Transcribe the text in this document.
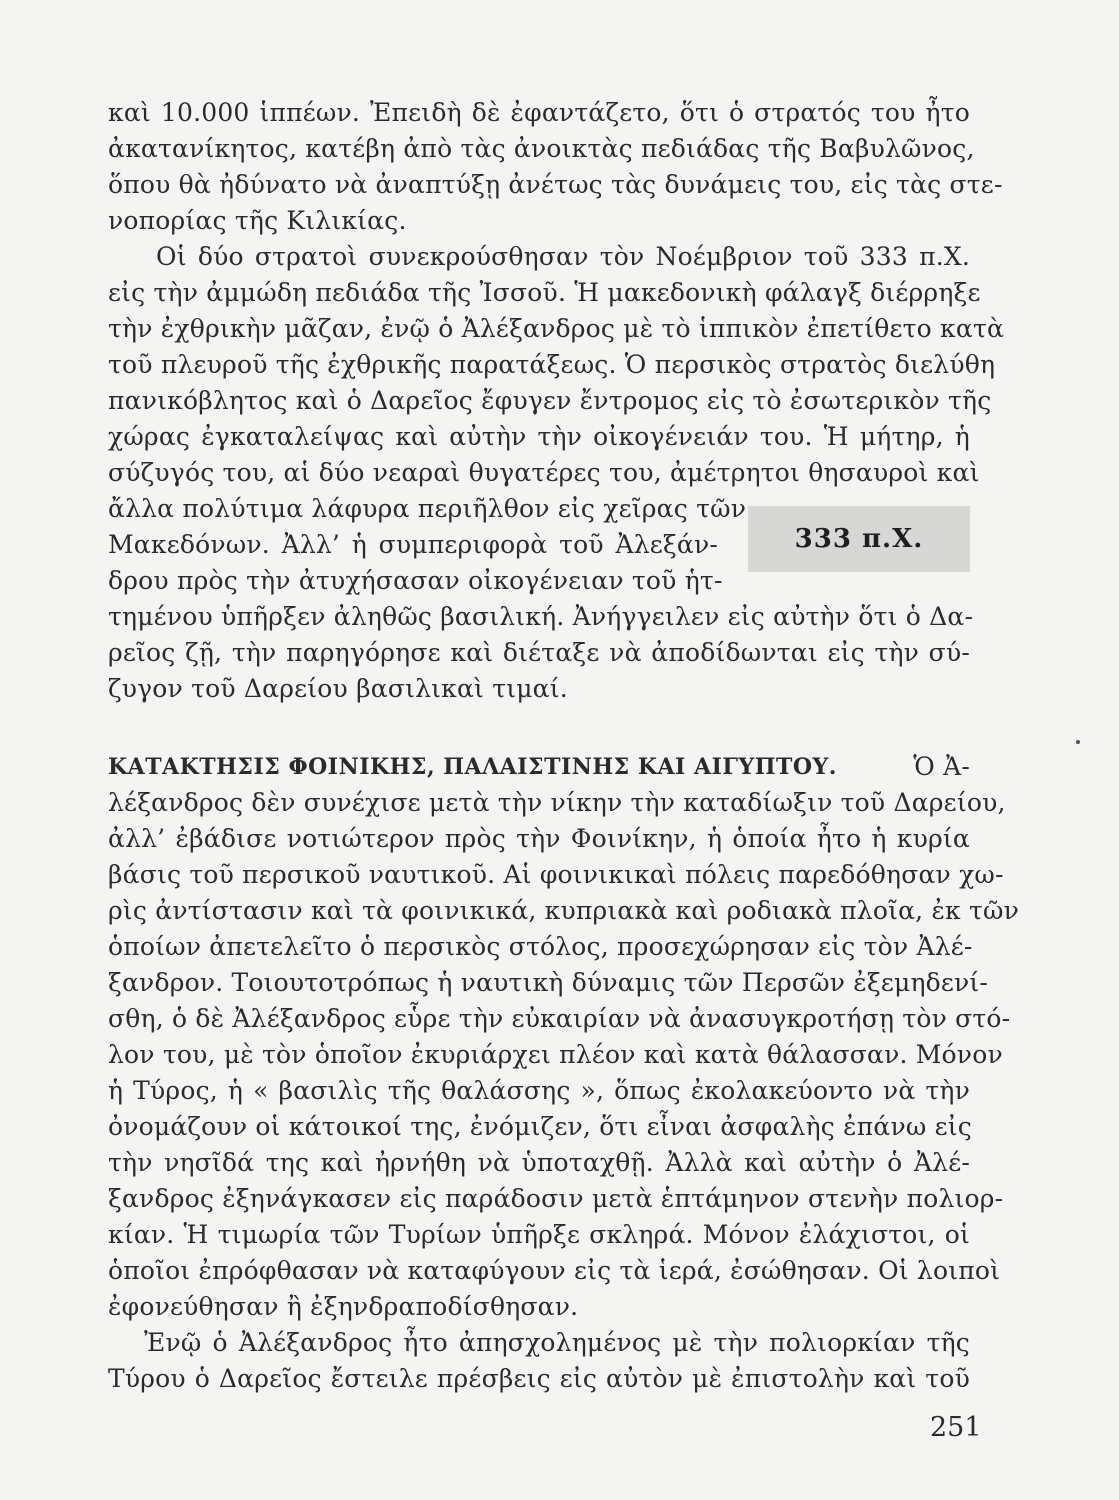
καὶ 10.000 ἱππέων. Ἐπειδὴ δὲ ἐφαντάζετο, ὅτι ὁ στρατός του ἦτο
ἀκατανίκητος, κατέβη ἀπὸ τὰς ἀνοικτὰς πεδιάδας τῆς Βαβυλῶνος,
ὅπου θὰ ἠδύνατο νὰ ἀναπτύξῃ ἀνέτως τὰς δυνάμεις του, εἰς τὰς στε-
νοπορίας τῆς Κιλικίας.
Οἱ δύο στρατοὶ συνεκρούσθησαν τὸν Νοέμβριον τοῦ 333 π.Χ.
εἰς τὴν ἀμμώδη πεδιάδα τῆς Ἰσσοῦ. Ἡ μακεδονικὴ φάλαγξ διέρρηξε
τὴν ἐχθρικὴν μᾶζαν, ἐνῷ ὁ Ἀλέξανδρος μὲ τὸ ἱππικὸν ἐπετίθετο κατὰ
τοῦ πλευροῦ τῆς ἐχθρικῆς παρατάξεως. Ὁ περσικὸς στρατὸς διελύθη
πανικόβλητος καὶ ὁ Δαρεῖος ἔφυγεν ἔντρομος εἰς τὸ ἐσωτερικὸν τῆς
χώρας ἐγκαταλείψας καὶ αὐτὴν τὴν οἰκογένειάν του. Ἡ μήτηρ, ἡ
σύζυγός του, αἱ δύο νεαραὶ θυγατέρες του, ἀμέτρητοι θησαυροὶ καὶ
ἄλλα πολύτιμα λάφυρα περιῆλθον εἰς χεῖρας τῶν
Μακεδόνων. Ἀλλ’ ἡ συμπεριφορὰ τοῦ Ἀλεξάν-
δρου πρὸς τὴν ἀτυχήσασαν οἰκογένειαν τοῦ ἡτ-
τημένου ὑπῆρξεν ἀληθῶς βασιλική. Ἀνήγγειλεν εἰς αὐτὴν ὅτι ὁ Δα-
ρεῖος ζῇ, τὴν παρηγόρησε καὶ διέταξε νὰ ἀποδίδωνται εἰς τὴν σύ-
ζυγον τοῦ Δαρείου βασιλικαὶ τιμαί.
333 π.Χ.
ΚΑΤΑΚΤΗΣΙΣ ΦΟΙΝΙΚΗΣ, ΠΑΛΑΙΣΤΙΝΗΣ ΚΑΙ ΑΙΓΥΠΤΟΥ.	Ὁ Ἀ-
λέξανδρος δὲν συνέχισε μετὰ τὴν νίκην τὴν καταδίωξιν τοῦ Δαρείου,
ἀλλ’ ἐβάδισε νοτιώτερον πρὸς τὴν Φοινίκην, ἡ ὁποία ἦτο ἡ κυρία
βάσις τοῦ περσικοῦ ναυτικοῦ. Αἱ φοινικικαὶ πόλεις παρεδόθησαν χω-
ρὶς ἀντίστασιν καὶ τὰ φοινικικά, κυπριακὰ καὶ ροδιακὰ πλοῖα, ἐκ τῶν
ὁποίων ἀπετελεῖτο ὁ περσικὸς στόλος, προσεχώρησαν εἰς τὸν Ἀλέ-
ξανδρον. Τοιουτοτρόπως ἡ ναυτικὴ δύναμις τῶν Περσῶν ἐξεμηδενί-
σθη, ὁ δὲ Ἀλέξανδρος εὗρε τὴν εὐκαιρίαν νὰ ἀνασυγκροτήσῃ τὸν στό-
λον του, μὲ τὸν ὁποῖον ἐκυριάρχει πλέον καὶ κατὰ θάλασσαν. Μόνον
ἡ Τύρος, ἡ « βασιλὶς τῆς θαλάσσης », ὅπως ἐκολακεύοντο νὰ τὴν
ὀνομάζουν οἱ κάτοικοί της, ἐνόμιζεν, ὅτι εἶναι ἀσφαλὴς ἐπάνω εἰς
τὴν νησῖδά της καὶ ἠρνήθη νὰ ὑποταχθῇ. Ἀλλὰ καὶ αὐτὴν ὁ Ἀλέ-
ξανδρος ἐξηνάγκασεν εἰς παράδοσιν μετὰ ἑπτάμηνον στενὴν πολιορ-
κίαν. Ἡ τιμωρία τῶν Τυρίων ὑπῆρξε σκληρά. Μόνον ἐλάχιστοι, οἱ
ὁποῖοι ἐπρόφθασαν νὰ καταφύγουν εἰς τὰ ἱερά, ἐσώθησαν. Οἱ λοιποὶ
ἐφονεύθησαν ἢ ἐξηνδραποδίσθησαν.
Ἐνῷ ὁ Ἀλέξανδρος ἦτο ἀπησχολημένος μὲ τὴν πολιορκίαν τῆς
Τύρου ὁ Δαρεῖος ἔστειλε πρέσβεις εἰς αὐτὸν μὲ ἐπιστολὴν καὶ τοῦ
251
